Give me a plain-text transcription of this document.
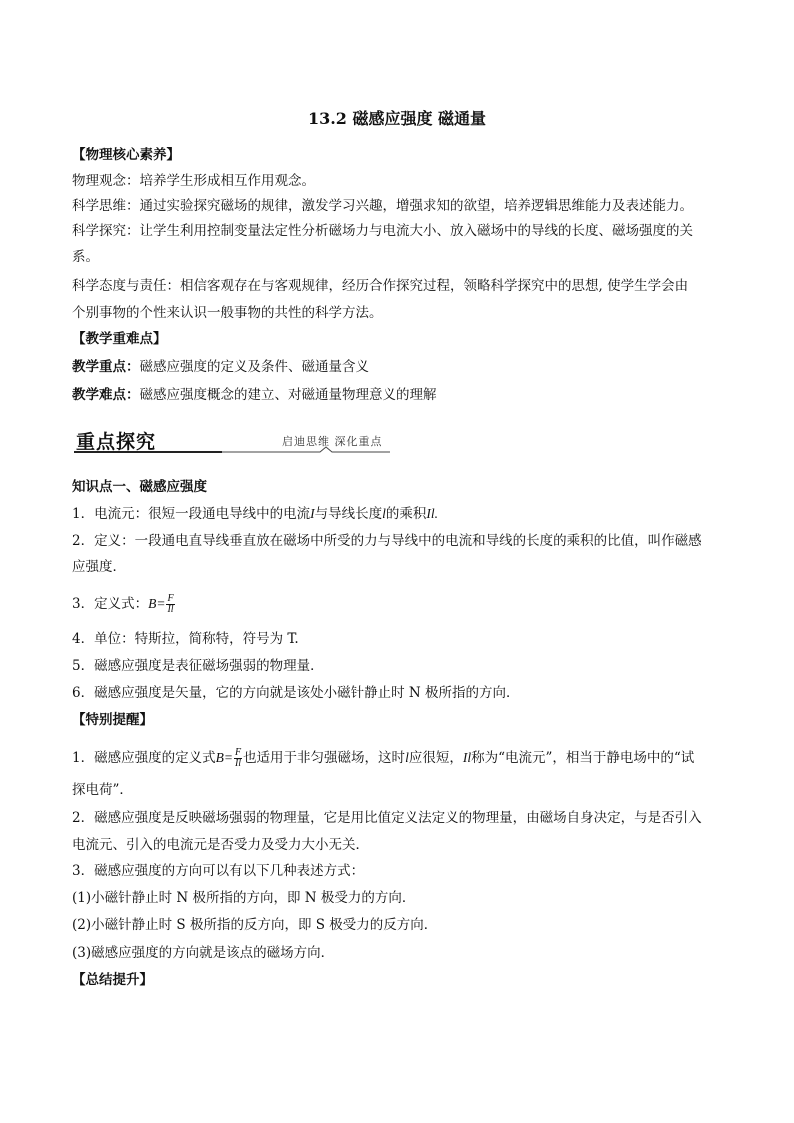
13.2 磁感应强度 磁通量
【物理核心素养】
物理观念：培养学生形成相互作用观念。
科学思维：通过实验探究磁场的规律，激发学习兴趣，增强求知的欲望，培养逻辑思维能力及表述能力。
科学探究：让学生利用控制变量法定性分析磁场力与电流大小、放入磁场中的导线的长度、磁场强度的关
系。
科学态度与责任：相信客观存在与客观规律，经历合作探究过程，领略科学探究中的思想, 使学生学会由
个别事物的个性来认识一般事物的共性的科学方法。
【教学重难点】
教学重点：磁感应强度的定义及条件、磁通量含义
教学难点：磁感应强度概念的建立、对磁通量物理意义的理解
重点探究	启迪思维 深化重点
知识点一、磁感应强度
1．电流元：很短一段通电导线中的电流I与导线长度l的乘积Il.
2．定义：一段通电直导线垂直放在磁场中所受的力与导线中的电流和导线的长度的乘积的比值，叫作磁感
应强度．
3．定义式：$B= \frac{F}{Il}$
4．单位：特斯拉，简称特，符号为 T.
5．磁感应强度是表征磁场强弱的物理量．
6．磁感应强度是矢量，它的方向就是该处小磁针静止时 N 极所指的方向．
【特别提醒】
1．磁感应强度的定义式$B= \frac{F}{Il}$ 也适用于非匀强磁场，这时l应很短，Il称为“电流元”，相当于静电场中的“试
探电荷”．
2．磁感应强度是反映磁场强弱的物理量，它是用比值定义法定义的物理量，由磁场自身决定，与是否引入
电流元、引入的电流元是否受力及受力大小无关．
3．磁感应强度的方向可以有以下几种表述方式：
(1)小磁针静止时 N 极所指的方向，即 N 极受力的方向．
(2)小磁针静止时 S 极所指的反方向，即 S 极受力的反方向．
(3)磁感应强度的方向就是该点的磁场方向．
【总结提升】
